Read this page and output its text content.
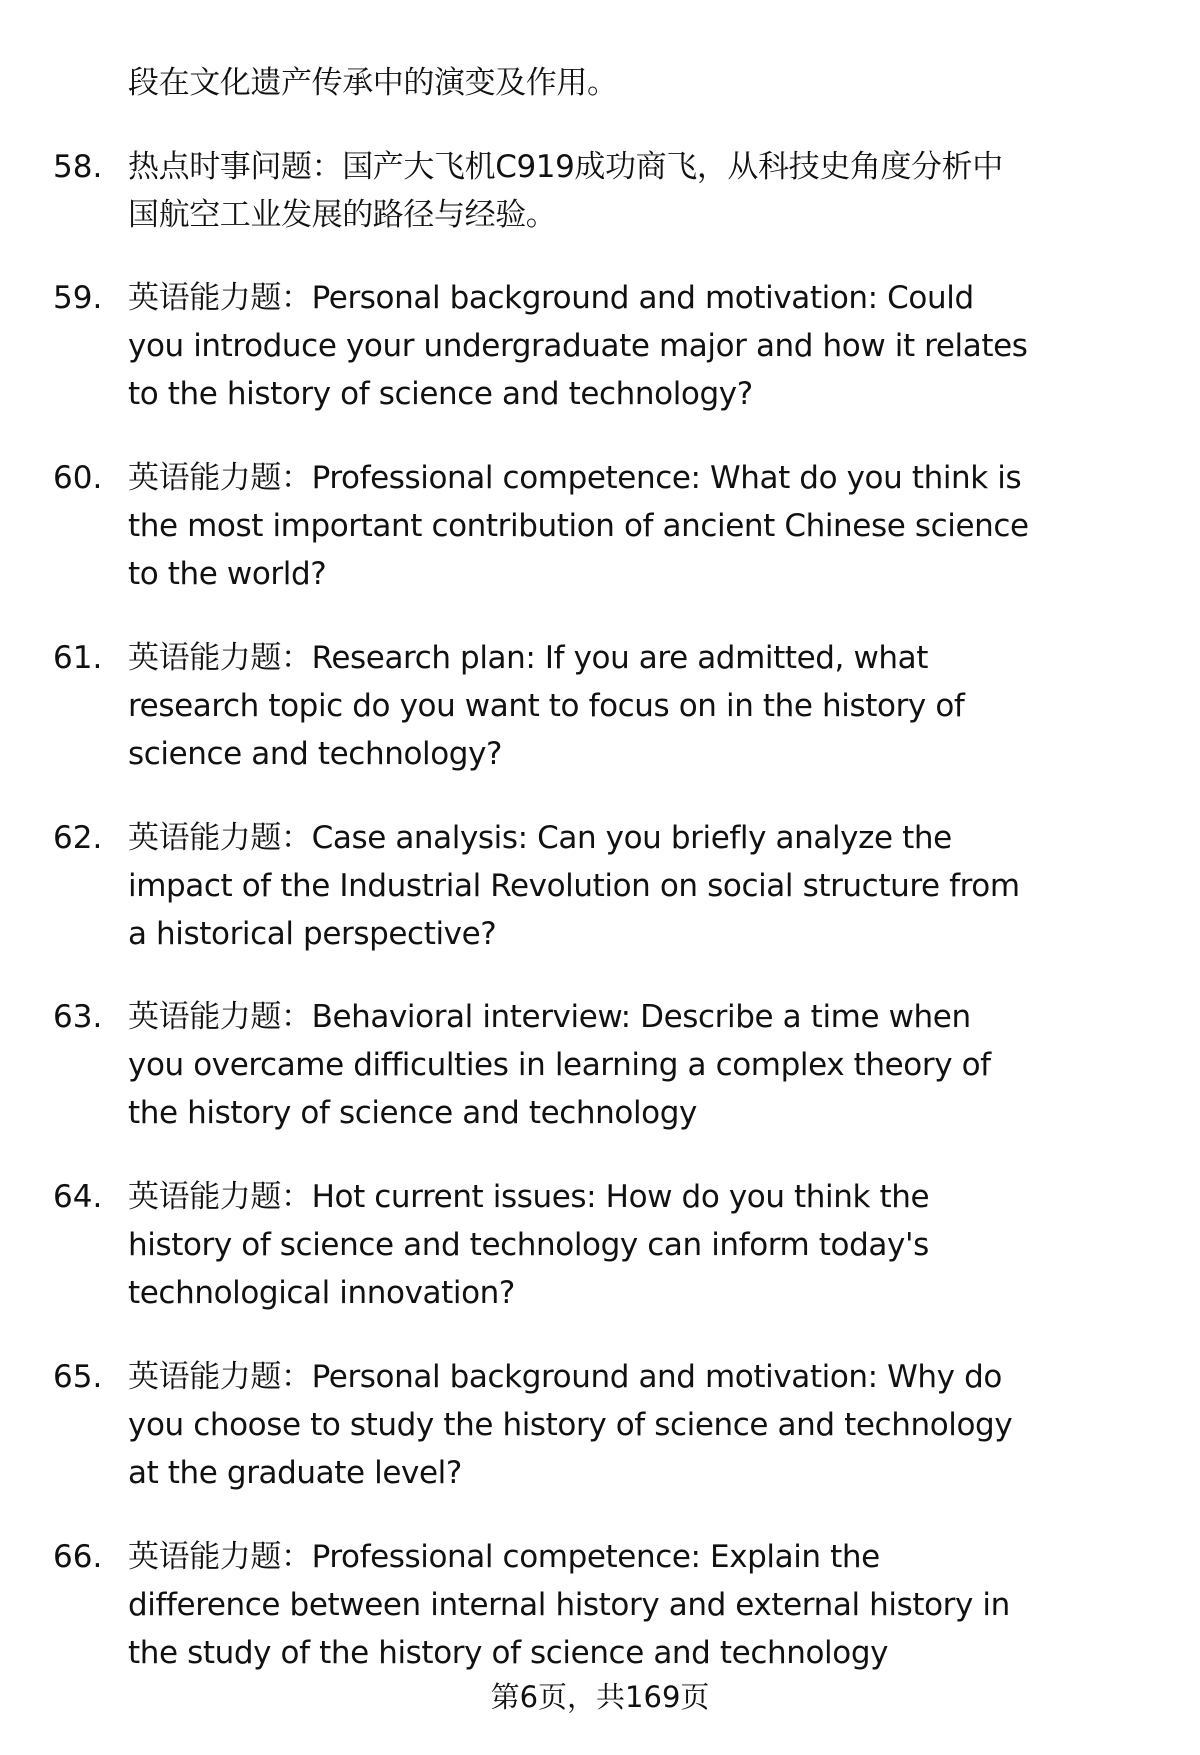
段在文化遗产传承中的演变及作用。
58. 热点时事问题：国产大飞机C919成功商飞，从科技史角度分析中
国航空工业发展的路径与经验。
59. 英语能力题：Personal background and motivation: Could
you introduce your undergraduate major and how it relates
to the history of science and technology?
60. 英语能力题：Professional competence: What do you think is
the most important contribution of ancient Chinese science
to the world?
61. 英语能力题：Research plan: If you are admitted, what
research topic do you want to focus on in the history of
science and technology?
62. 英语能力题：Case analysis: Can you briefly analyze the
impact of the Industrial Revolution on social structure from
a historical perspective?
63. 英语能力题：Behavioral interview: Describe a time when
you overcame difficulties in learning a complex theory of
the history of science and technology
64. 英语能力题：Hot current issues: How do you think the
history of science and technology can inform today's
technological innovation?
65. 英语能力题：Personal background and motivation: Why do
you choose to study the history of science and technology
at the graduate level?
66. 英语能力题：Professional competence: Explain the
difference between internal history and external history in
the study of the history of science and technology
第6页，共169页
